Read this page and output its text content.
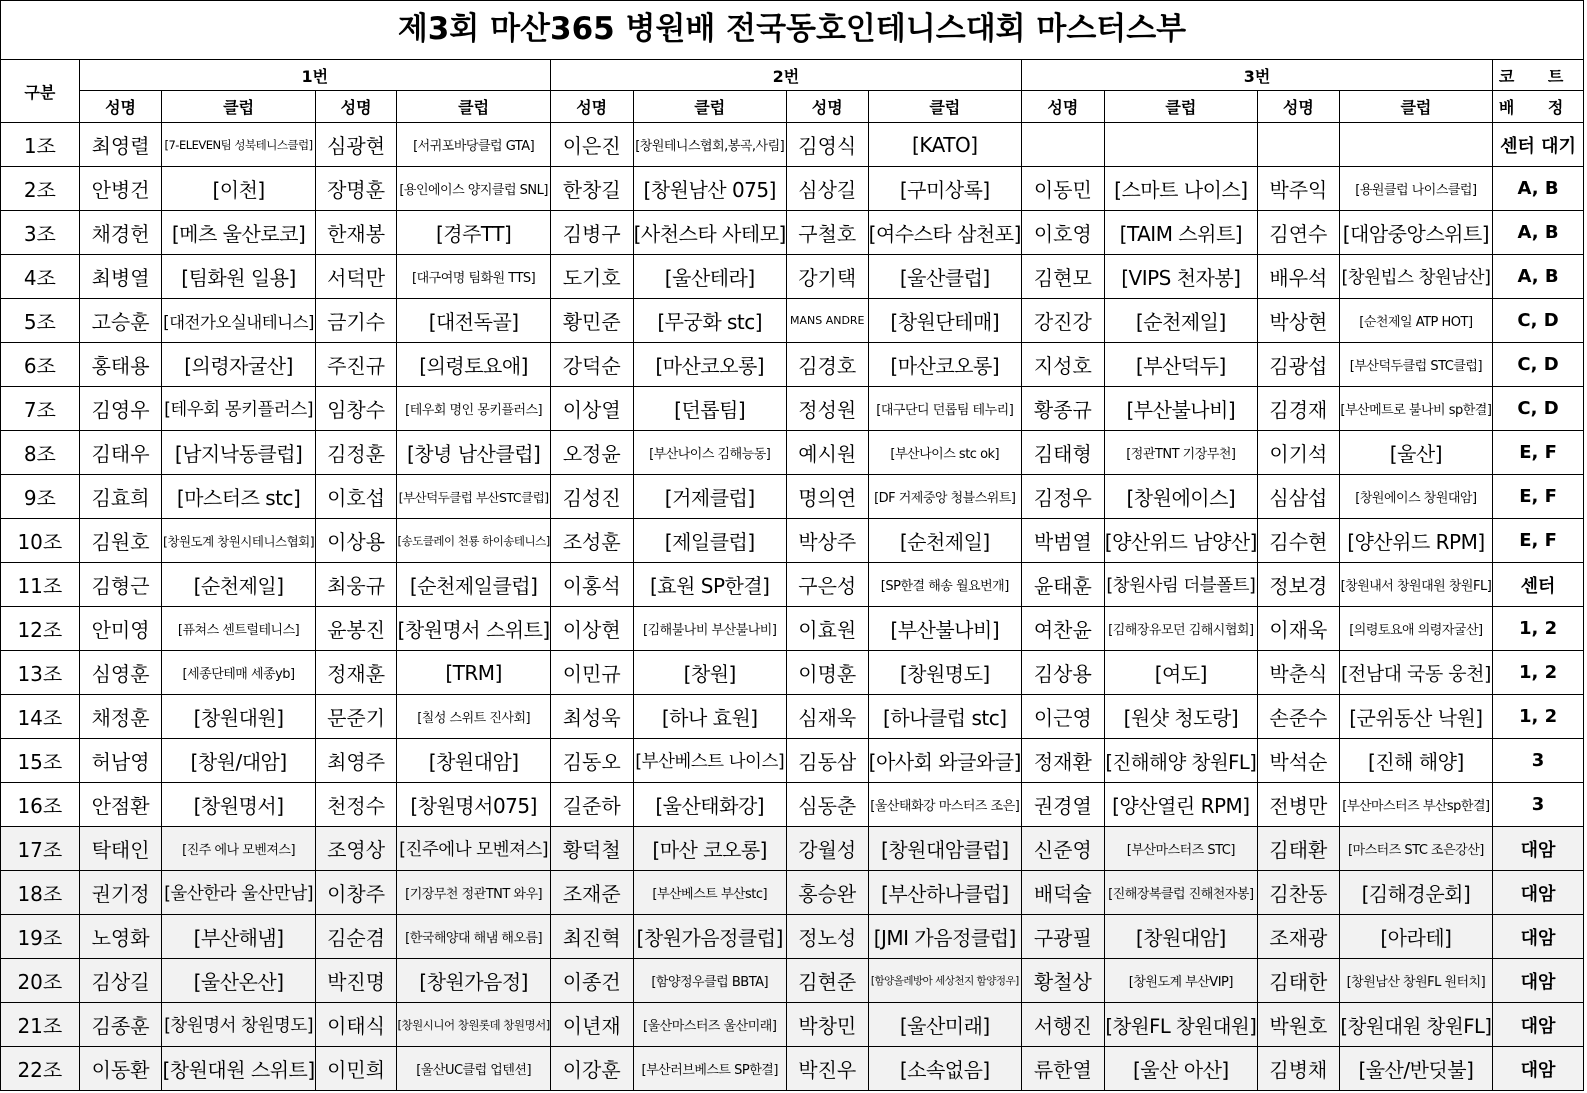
제3회 마산365 병원배 전국동호인테니스대회 마스터스부
구분	1번				2번				3번				코 트
	성명	클럽	성명	클럽	성명	클럽	성명	클럽	성명	클럽	성명	클럽	배 정
1조	최영렬	[7-ELEVEN팀 성북테니스클럽]	심광현	[서귀포바당클럽 GTA]	이은진	[창원테니스협회,봉곡,사림]	김영식	[KATO]					센터 대기
2조	안병건	[이천]	장명훈	[용인에이스 양지클럽 SNL]	한창길	[창원남산 075]	심상길	[구미상록]	이동민	[스마트 나이스]	박주익	[용원클럽 나이스클럽]	A, B
3조	채경헌	[메츠 울산로코]	한재봉	[경주TT]	김병구	[사천스타 사테모]	구철호	[여수스타 삼천포]	이호영	[TAIM 스위트]	김연수	[대암중앙스위트]	A, B
4조	최병열	[팀화원 일용]	서덕만	[대구여명 팀화원 TTS]	도기호	[울산테라]	강기택	[울산클럽]	김현모	[VIPS 천자봉]	배우석	[창원빕스 창원남산]	A, B
5조	고승훈	[대전가오실내테니스]	금기수	[대전독골]	황민준	[무궁화 stc]	MANS ANDRE	[창원단테매]	강진강	[순천제일]	박상현	[순천제일 ATP HOT]	C, D
6조	홍태용	[의령자굴산]	주진규	[의령토요애]	강덕순	[마산코오롱]	김경호	[마산코오롱]	지성호	[부산덕두]	김광섭	[부산덕두클럽 STC클럽]	C, D
7조	김영우	[테우회 몽키플러스]	임창수	[테우회 명인 몽키플러스]	이상열	[던롭팀]	정성원	[대구단디 던롭팀 테누리]	황종규	[부산불나비]	김경재	[부산메트로 불나비 sp한결]	C, D
8조	김태우	[남지낙동클럽]	김정훈	[창녕 남산클럽]	오정윤	[부산나이스 김해능동]	예시원	[부산나이스 stc ok]	김태형	[정관TNT 기장무천]	이기석	[울산]	E, F
9조	김효희	[마스터즈 stc]	이호섭	[부산덕두클럽 부산STC클럽]	김성진	[거제클럽]	명의연	[DF 거제중앙 청블스위트]	김정우	[창원에이스]	심삼섭	[창원에이스 창원대암]	E, F
10조	김원호	[창원도계 창원시테니스협회]	이상용	[송도클레이 천룡 하이송테니스]	조성훈	[제일클럽]	박상주	[순천제일]	박범열	[양산위드 남양산]	김수현	[양산위드 RPM]	E, F
11조	김형근	[순천제일]	최웅규	[순천제일클럽]	이홍석	[효원 SP한결]	구은성	[SP한결 해송 월요번개]	윤태훈	[창원사림 더블폴트]	정보경	[창원내서 창원대원 창원FL]	센터
12조	안미영	[퓨쳐스 센트럴테니스]	윤봉진	[창원명서 스위트]	이상현	[김해불나비 부산불나비]	이효원	[부산불나비]	여찬윤	[김해장유모던 김해시협회]	이재욱	[의령토요애 의령자굴산]	1, 2
13조	심영훈	[세종단테매 세종yb]	정재훈	[TRM]	이민규	[창원]	이명훈	[창원명도]	김상용	[여도]	박춘식	[전남대 국동 웅천]	1, 2
14조	채정훈	[창원대원]	문준기	[칠성 스위트 진사회]	최성욱	[하나 효원]	심재욱	[하나클럽 stc]	이근영	[원샷 청도랑]	손준수	[군위동산 낙원]	1, 2
15조	허남영	[창원/대암]	최영주	[창원대암]	김동오	[부산베스트 나이스]	김동삼	[아사회 와글와글]	정재환	[진해해양 창원FL]	박석순	[진해 해양]	3
16조	안점환	[창원명서]	천정수	[창원명서075]	길준하	[울산태화강]	심동춘	[울산태화강 마스터즈 조은]	권경열	[양산열린 RPM]	전병만	[부산마스터즈 부산sp한결]	3
17조	탁태인	[진주 에나 모벤져스]	조영상	[진주에나 모벤져스]	황덕철	[마산 코오롱]	강월성	[창원대암클럽]	신준영	[부산마스터즈 STC]	김태환	[마스터즈 STC 조은강산]	대암
18조	권기정	[울산한라 울산만남]	이창주	[기장무천 정관TNT 와우]	조재준	[부산베스트 부산stc]	홍승완	[부산하나클럽]	배덕술	[진해장복클럽 진해천자봉]	김찬동	[김해경운회]	대암
19조	노영화	[부산해냄]	김순겸	[한국해양대 해냄 해오름]	최진혁	[창원가음정클럽]	정노성	[JMI 가음정클럽]	구광필	[창원대암]	조재광	[아라테]	대암
20조	김상길	[울산온산]	박진명	[창원가음정]	이종건	[함양정우클럽 BBTA]	김현준	[함양올레방아 세상천지 함양정우]	황철상	[창원도계 부산VIP]	김태한	[창원남산 창원FL 원터치]	대암
21조	김종훈	[창원명서 창원명도]	이태식	[창원시니어 창원롯데 창원명서]	이년재	[울산마스터즈 울산미래]	박창민	[울산미래]	서행진	[창원FL 창원대원]	박원호	[창원대원 창원FL]	대암
22조	이동환	[창원대원 스위트]	이민희	[울산UC클럽 업텐션]	이강훈	[부산러브베스트 SP한결]	박진우	[소속없음]	류한열	[울산 아산]	김병채	[울산/반딧불]	대암
